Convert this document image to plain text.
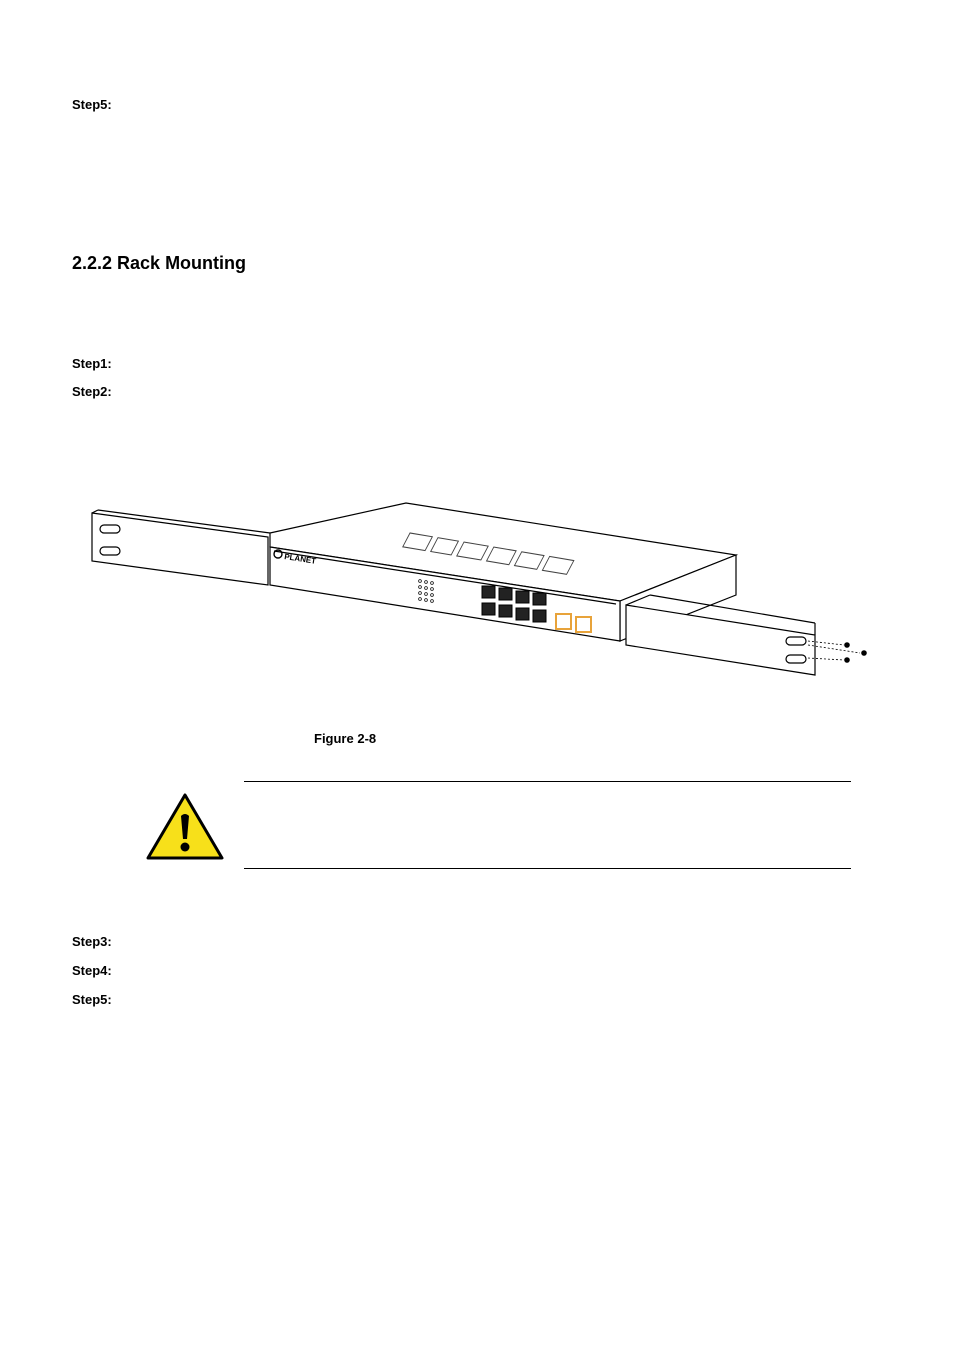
Step5:
2.2.2 Rack Mounting
Step1:
Step2:
PLANET
Figure 2-8
Step3:
Step4:
Step5:
